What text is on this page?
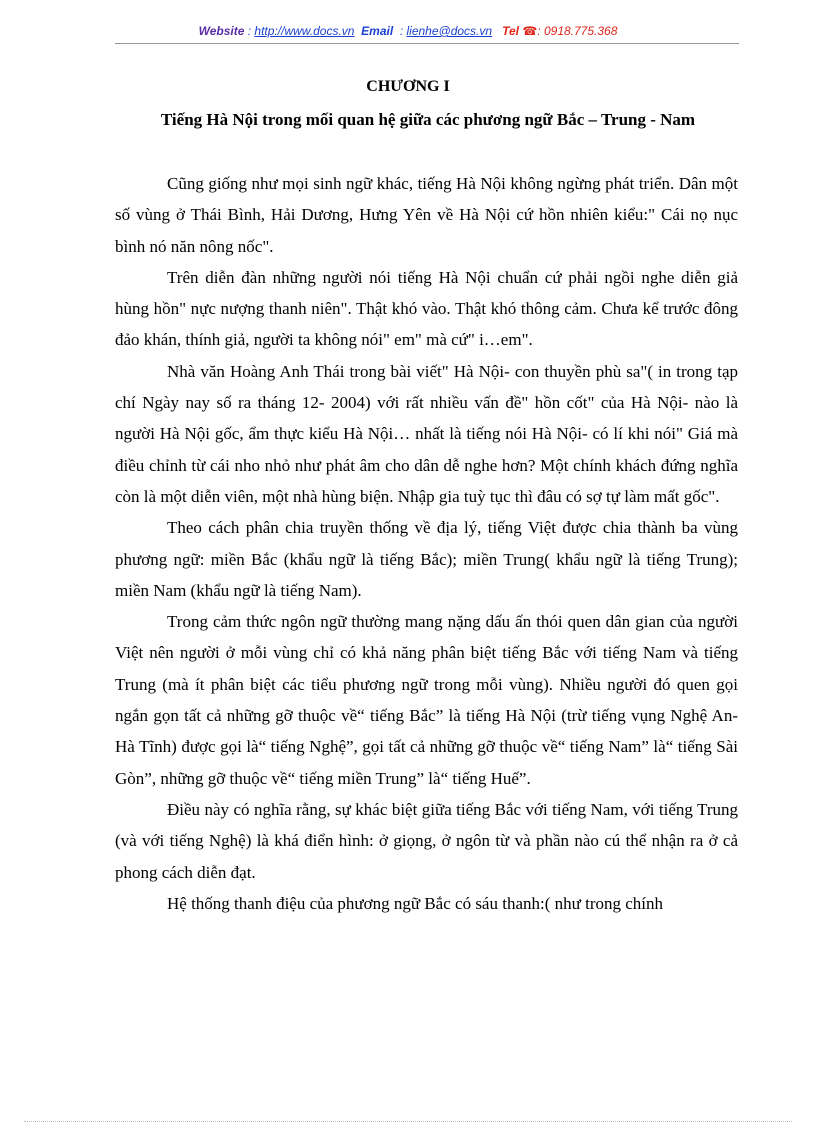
Website : http://www.docs.vn Email  : lienhe@docs.vn Tel ☎: 0918.775.368
CHƯƠNG I
Tiếng Hà Nội trong mối quan hệ giữa các phương ngữ Bắc – Trung - Nam

Cũng giống như mọi sinh ngữ khác, tiếng Hà Nội không ngừng phát triển. Dân một số vùng ở Thái Bình, Hải Dương, Hưng Yên về Hà Nội cứ hồn nhiên kiểu:" Cái nọ nục bình nó năn nông nốc".

Trên diễn đàn những người nói tiếng Hà Nội chuẩn cứ phải ngồi nghe diễn giả hùng hồn" nực nượng thanh niên". Thật khó vào. Thật khó thông cảm. Chưa kể trước đông đảo khán, thính giả, người ta không nói" em" mà cứ" i…em".

Nhà văn Hoàng Anh Thái trong bài viết" Hà Nội- con thuyền phù sa"( in trong tạp chí Ngày nay số ra tháng 12- 2004) với rất nhiều vấn đề" hồn cốt" của Hà Nội- nào là người Hà Nội gốc, ẩm thực kiểu Hà Nội… nhất là tiếng nói Hà Nội- có lí khi nói" Giá mà điều chỉnh từ cái nho nhỏ như phát âm cho dân dễ nghe hơn? Một chính khách đứng nghĩa còn là một diễn viên, một nhà hùng biện. Nhập gia tuỳ tục thì đâu có sợ tự làm mất gốc".

Theo cách phân chia truyền thống về địa lý, tiếng Việt được chia thành ba vùng phương ngữ: miền Bắc (khẩu ngữ là tiếng Bắc); miền Trung( khẩu ngữ là tiếng Trung); miền Nam (khẩu ngữ là tiếng Nam).

Trong cảm thức ngôn ngữ thường mang nặng dấu ấn thói quen dân gian của người Việt nên người ở mỗi vùng chỉ có khả năng phân biệt tiếng Bắc với tiếng Nam và tiếng Trung (mà ít phân biệt các tiểu phương ngữ trong mỗi vùng). Nhiều người đó quen gọi ngắn gọn tất cả những gỡ thuộc về“ tiếng Bắc” là tiếng Hà Nội (trừ tiếng vụng Nghệ An- Hà Tĩnh) được gọi là“ tiếng Nghệ”, gọi tất cả những gỡ thuộc về“ tiếng Nam” là“ tiếng Sài Gòn”, những gỡ thuộc về“ tiếng miền Trung” là“ tiếng Huế”.

Điều này có nghĩa rằng, sự khác biệt giữa tiếng Bắc với tiếng Nam, với tiếng Trung (và với tiếng Nghệ) là khá điển hình: ở giọng, ở ngôn từ và phần nào cú thể nhận ra ở cả phong cách diễn đạt.

Hệ thống thanh điệu của phương ngữ Bắc có sáu thanh:( như trong chính
